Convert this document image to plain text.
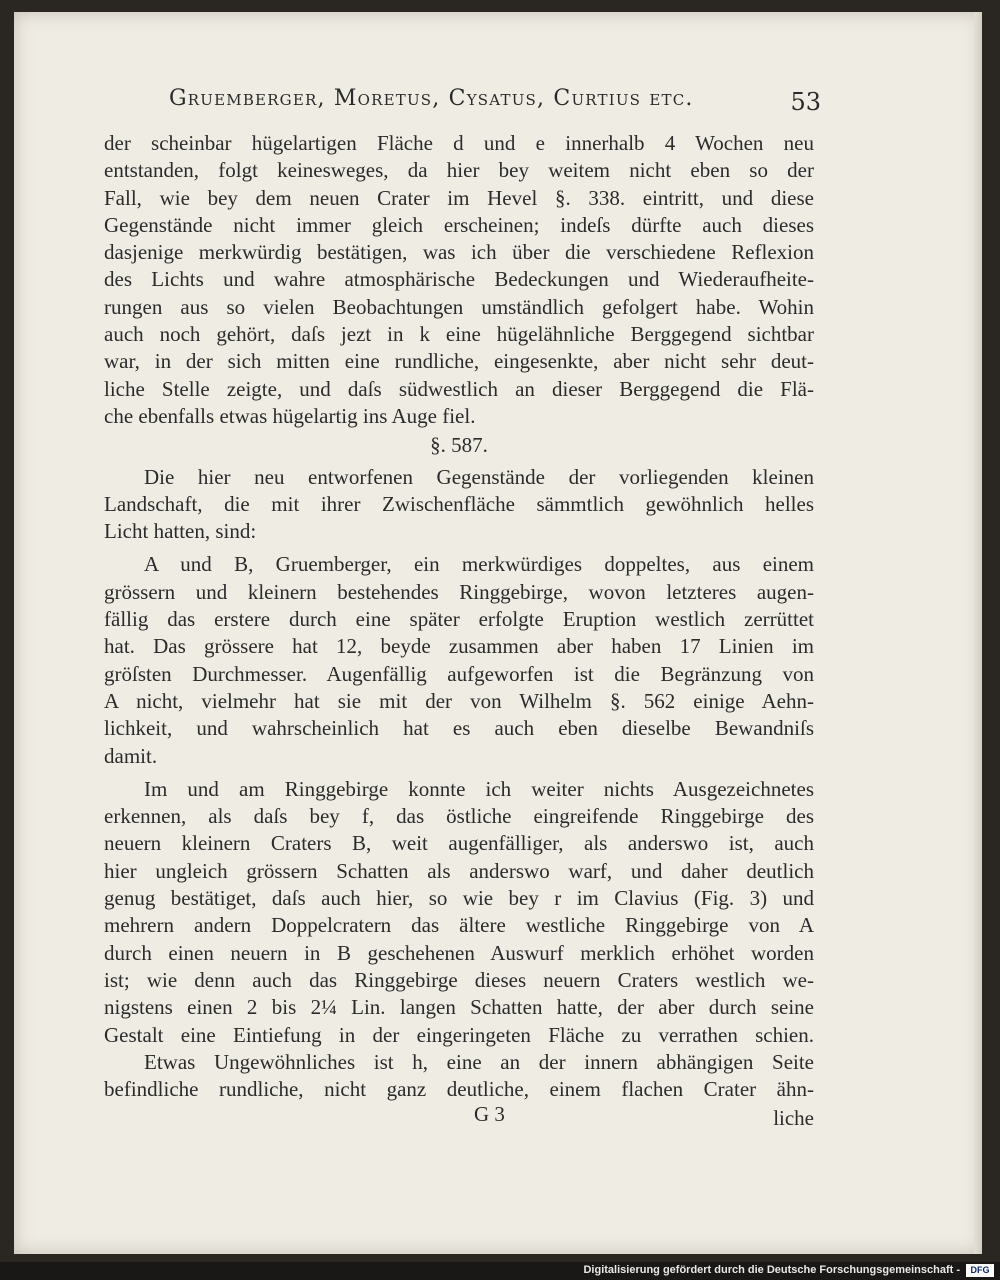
Gruemberger, Moretus, Cysatus, Curtius etc.	53
der scheinbar hügelartigen Fläche d und e innerhalb 4 Wochen neu
entstanden, folgt keinesweges, da hier bey weitem nicht eben so der
Fall, wie bey dem neuen Crater im Hevel §. 338. eintritt, und diese
Gegenstände nicht immer gleich erscheinen; indeſs dürfte auch dieses
dasjenige merkwürdig bestätigen, was ich über die verschiedene Reflexion
des Lichts und wahre atmosphärische Bedeckungen und Wiederaufheite-
rungen aus so vielen Beobachtungen umständlich gefolgert habe. Wohin
auch noch gehört, daſs jezt in k eine hügelähnliche Berggegend sichtbar
war, in der sich mitten eine rundliche, eingesenkte, aber nicht sehr deut-
liche Stelle zeigte, und daſs südwestlich an dieser Berggegend die Flä-
che ebenfalls etwas hügelartig ins Auge fiel.
§. 587.
Die hier neu entworfenen Gegenstände der vorliegenden kleinen
Landschaft, die mit ihrer Zwischenfläche sämmtlich gewöhnlich helles
Licht hatten, sind:
A und B, Gruemberger, ein merkwürdiges doppeltes, aus einem
grössern und kleinern bestehendes Ringgebirge, wovon letzteres augen-
fällig das erstere durch eine später erfolgte Eruption westlich zerrüttet
hat. Das grössere hat 12, beyde zusammen aber haben 17 Linien im
gröſsten Durchmesser. Augenfällig aufgeworfen ist die Begränzung von
A nicht, vielmehr hat sie mit der von Wilhelm §. 562 einige Aehn-
lichkeit, und wahrscheinlich hat es auch eben dieselbe Bewandniſs
damit.
Im und am Ringgebirge konnte ich weiter nichts Ausgezeichnetes
erkennen, als daſs bey f, das östliche eingreifende Ringgebirge des
neuern kleinern Craters B, weit augenfälliger, als anderswo ist, auch
hier ungleich grössern Schatten als anderswo warf, und daher deutlich
genug bestätiget, daſs auch hier, so wie bey r im Clavius (Fig. 3) und
mehrern andern Doppelcratern das ältere westliche Ringgebirge von A
durch einen neuern in B geschehenen Auswurf merklich erhöhet worden
ist; wie denn auch das Ringgebirge dieses neuern Craters westlich we-
nigstens einen 2 bis 2¼ Lin. langen Schatten hatte, der aber durch seine
Gestalt eine Eintiefung in der eingeringeten Fläche zu verrathen schien.
Etwas Ungewöhnliches ist h, eine an der innern abhängigen Seite
befindliche rundliche, nicht ganz deutliche, einem flachen Crater ähn-
G 3	liche
Digitalisierung gefördert durch die Deutsche Forschungsgemeinschaft -	DFG
